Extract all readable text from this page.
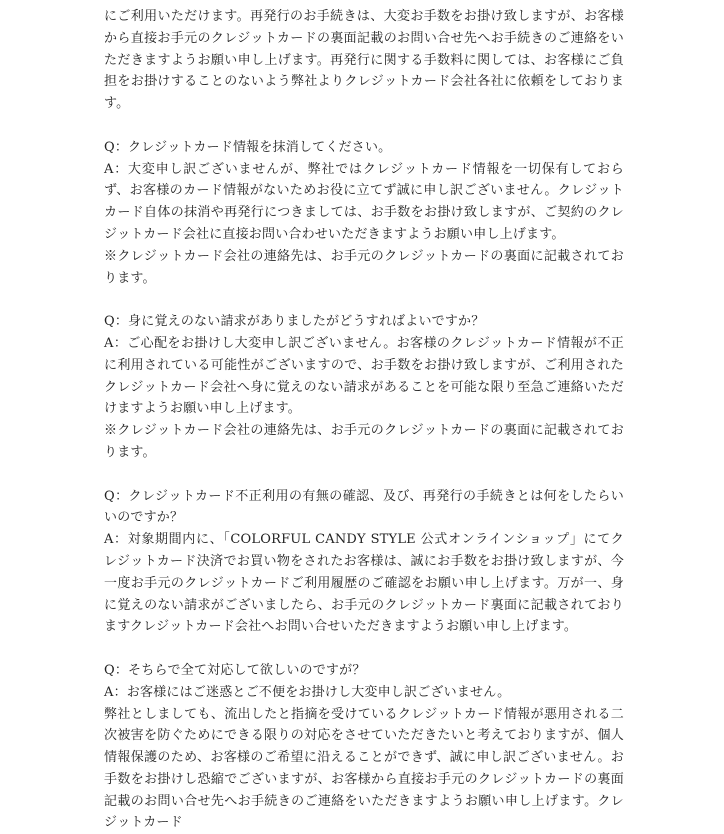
にご利用いただけます。再発行のお手続きは、大変お手数をお掛け致しますが、お客様から直接お手元のクレジットカードの裏面記載のお問い合せ先へお手続きのご連絡をいただきますようお願い申し上げます。再発行に関する手数料に関しては、お客様にご負担をお掛けすることのないよう弊社よりクレジットカード会社各社に依頼をしております。

Q：クレジットカード情報を抹消してください。

A：大変申し訳ございませんが、弊社ではクレジットカード情報を一切保有しておらず、お客様のカード情報がないためお役に立てず誠に申し訳ございません。クレジットカード自体の抹消や再発行につきましては、お手数をお掛け致しますが、ご契約のクレジットカード会社に直接お問い合わせいただきますようお願い申し上げます。

※クレジットカード会社の連絡先は、お手元のクレジットカードの裏面に記載されております。

Q：身に覚えのない請求がありましたがどうすればよいですか？

A：ご心配をお掛けし大変申し訳ございません。お客様のクレジットカード情報が不正に利用されている可能性がございますので、お手数をお掛け致しますが、ご利用されたクレジットカード会社へ身に覚えのない請求があることを可能な限り至急ご連絡いただけますようお願い申し上げます。

※クレジットカード会社の連絡先は、お手元のクレジットカードの裏面に記載されております。

Q：クレジットカード不正利用の有無の確認、及び、再発行の手続きとは何をしたらいいのですか？

A：対象期間内に、「COLORFUL CANDY STYLE 公式オンラインショップ」にてクレジットカード決済でお買い物をされたお客様は、誠にお手数をお掛け致しますが、今一度お手元のクレジットカードご利用履歴のご確認をお願い申し上げます。万が一、身に覚えのない請求がございましたら、お手元のクレジットカード裏面に記載されておりますクレジットカード会社へお問い合せいただきますようお願い申し上げます。

Q：そちらで全て対応して欲しいのですが？

A：お客様にはご迷惑とご不便をお掛けし大変申し訳ございません。

弊社としましても、流出したと指摘を受けているクレジットカード情報が悪用される二次被害を防ぐためにできる限りの対応をさせていただきたいと考えておりますが、個人情報保護のため、お客様のご希望に沿えることができず、誠に申し訳ございません。お手数をお掛けし恐縮でございますが、お客様から直接お手元のクレジットカードの裏面記載のお問い合せ先へお手続きのご連絡をいただきますようお願い申し上げます。クレジットカード
